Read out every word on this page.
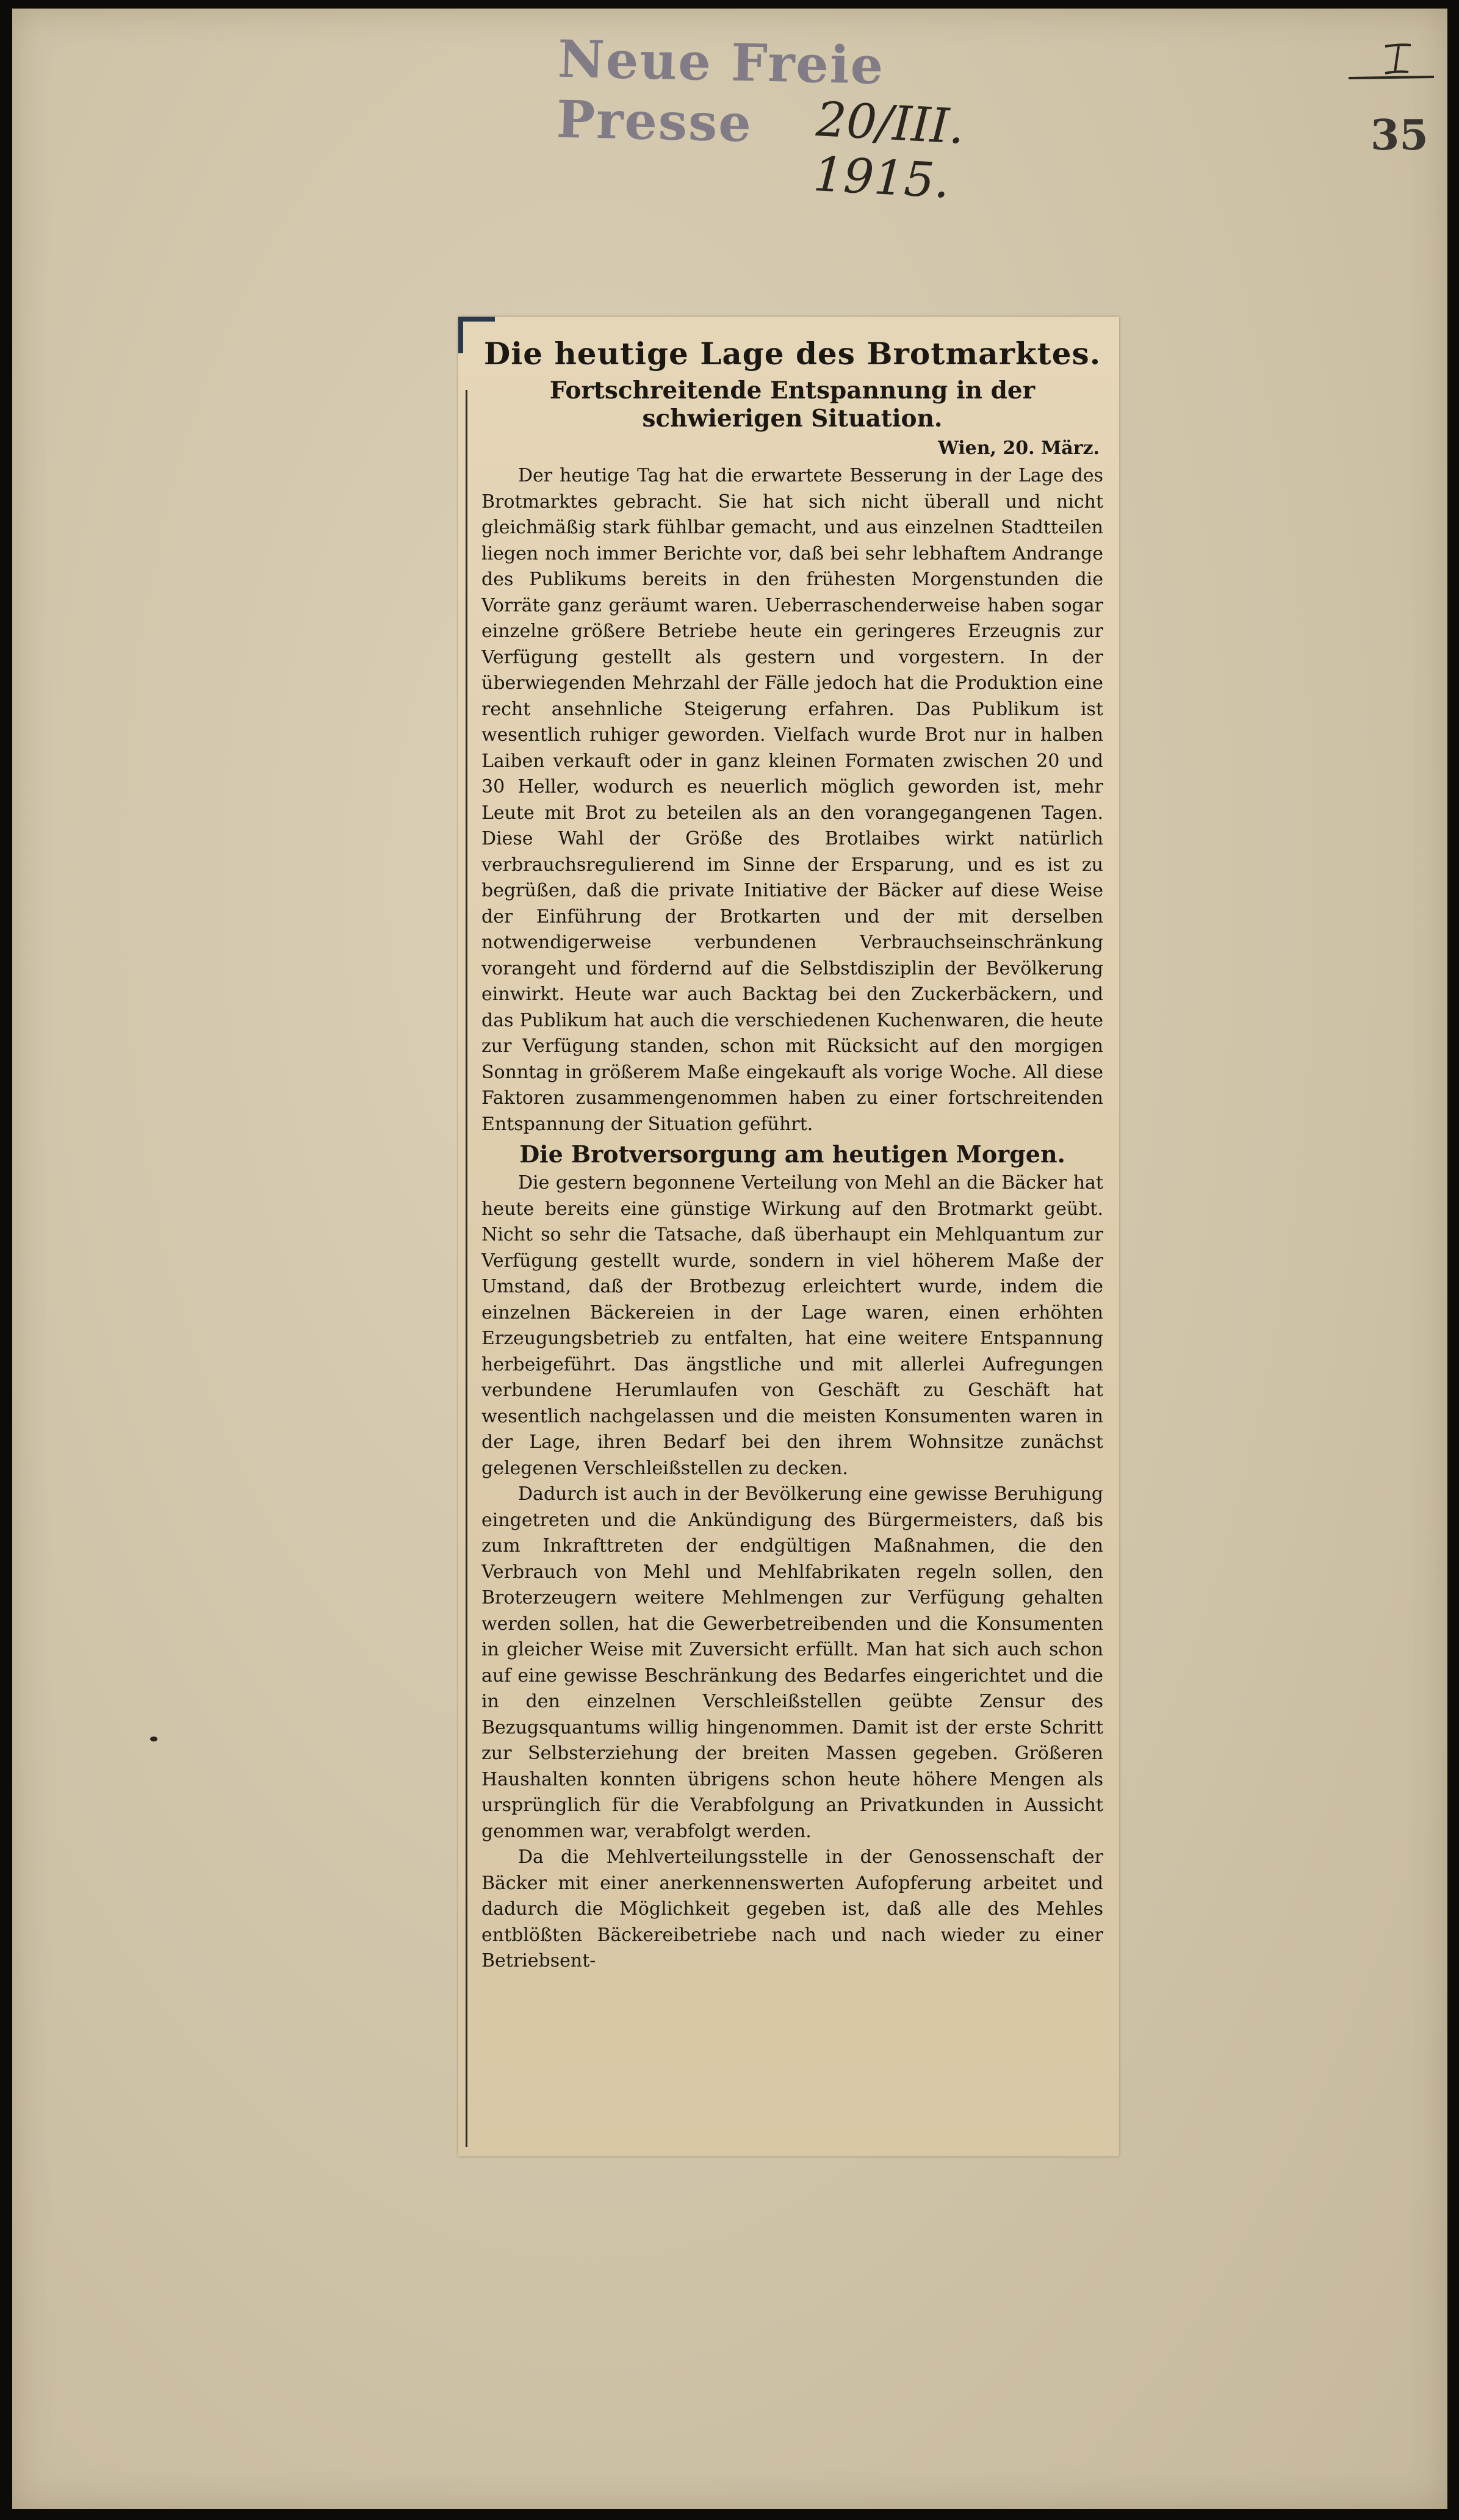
Neue Freie Presse	20/III. 1915.
I
35
Die heutige Lage des Brotmarktes.
Fortschreitende Entspannung in der schwierigen Situation.
Wien, 20. März.

Der heutige Tag hat die erwartete Besserung in der Lage des Brotmarktes gebracht. Sie hat sich nicht überall und nicht gleichmäßig stark fühlbar gemacht, und aus einzelnen Stadtteilen liegen noch immer Berichte vor, daß bei sehr lebhaftem Andrange des Publikums bereits in den frühesten Morgenstunden die Vorräte ganz geräumt waren. Ueberraschenderweise haben sogar einzelne größere Betriebe heute ein geringeres Erzeugnis zur Verfügung gestellt als gestern und vorgestern. In der überwiegenden Mehrzahl der Fälle jedoch hat die Produktion eine recht ansehnliche Steigerung erfahren. Das Publikum ist wesentlich ruhiger geworden. Vielfach wurde Brot nur in halben Laiben verkauft oder in ganz kleinen Formaten zwischen 20 und 30 Heller, wodurch es neuerlich möglich geworden ist, mehr Leute mit Brot zu beteilen als an den vorangegangenen Tagen. Diese Wahl der Größe des Brotlaibes wirkt natürlich verbrauchsregulierend im Sinne der Ersparung, und es ist zu begrüßen, daß die private Initiative der Bäcker auf diese Weise der Einführung der Brotkarten und der mit derselben notwendigerweise verbundenen Verbrauchseinschränkung vorangeht und fördernd auf die Selbstdisziplin der Bevölkerung einwirkt. Heute war auch Backtag bei den Zuckerbäckern, und das Publikum hat auch die verschiedenen Kuchenwaren, die heute zur Verfügung standen, schon mit Rücksicht auf den morgigen Sonntag in größerem Maße eingekauft als vorige Woche. All diese Faktoren zusammengenommen haben zu einer fortschreitenden Entspannung der Situation geführt.

Die Brotversorgung am heutigen Morgen.

Die gestern begonnene Verteilung von Mehl an die Bäcker hat heute bereits eine günstige Wirkung auf den Brotmarkt geübt. Nicht so sehr die Tatsache, daß überhaupt ein Mehlquantum zur Verfügung gestellt wurde, sondern in viel höherem Maße der Umstand, daß der Brotbezug erleichtert wurde, indem die einzelnen Bäckereien in der Lage waren, einen erhöhten Erzeugungsbetrieb zu entfalten, hat eine weitere Entspannung herbeigeführt. Das ängstliche und mit allerlei Aufregungen verbundene Herumlaufen von Geschäft zu Geschäft hat wesentlich nachgelassen und die meisten Konsumenten waren in der Lage, ihren Bedarf bei den ihrem Wohnsitze zunächst gelegenen Verschleißstellen zu decken.

Dadurch ist auch in der Bevölkerung eine gewisse Beruhigung eingetreten und die Ankündigung des Bürgermeisters, daß bis zum Inkrafttreten der endgültigen Maßnahmen, die den Verbrauch von Mehl und Mehlfabrikaten regeln sollen, den Broterzeugern weitere Mehlmengen zur Verfügung gehalten werden sollen, hat die Gewerbetreibenden und die Konsumenten in gleicher Weise mit Zuversicht erfüllt. Man hat sich auch schon auf eine gewisse Beschränkung des Bedarfes eingerichtet und die in den einzelnen Verschleißstellen geübte Zensur des Bezugsquantums willig hingenommen. Damit ist der erste Schritt zur Selbsterziehung der breiten Massen gegeben. Größeren Haushalten konnten übrigens schon heute höhere Mengen als ursprünglich für die Verabfolgung an Privatkunden in Aussicht genommen war, verabfolgt werden.

Da die Mehlverteilungsstelle in der Genossenschaft der Bäcker mit einer anerkennenswerten Aufopferung arbeitet und dadurch die Möglichkeit gegeben ist, daß alle des Mehles entblößten Bäckereibetriebe nach und nach wieder zu einer Betriebsent-
